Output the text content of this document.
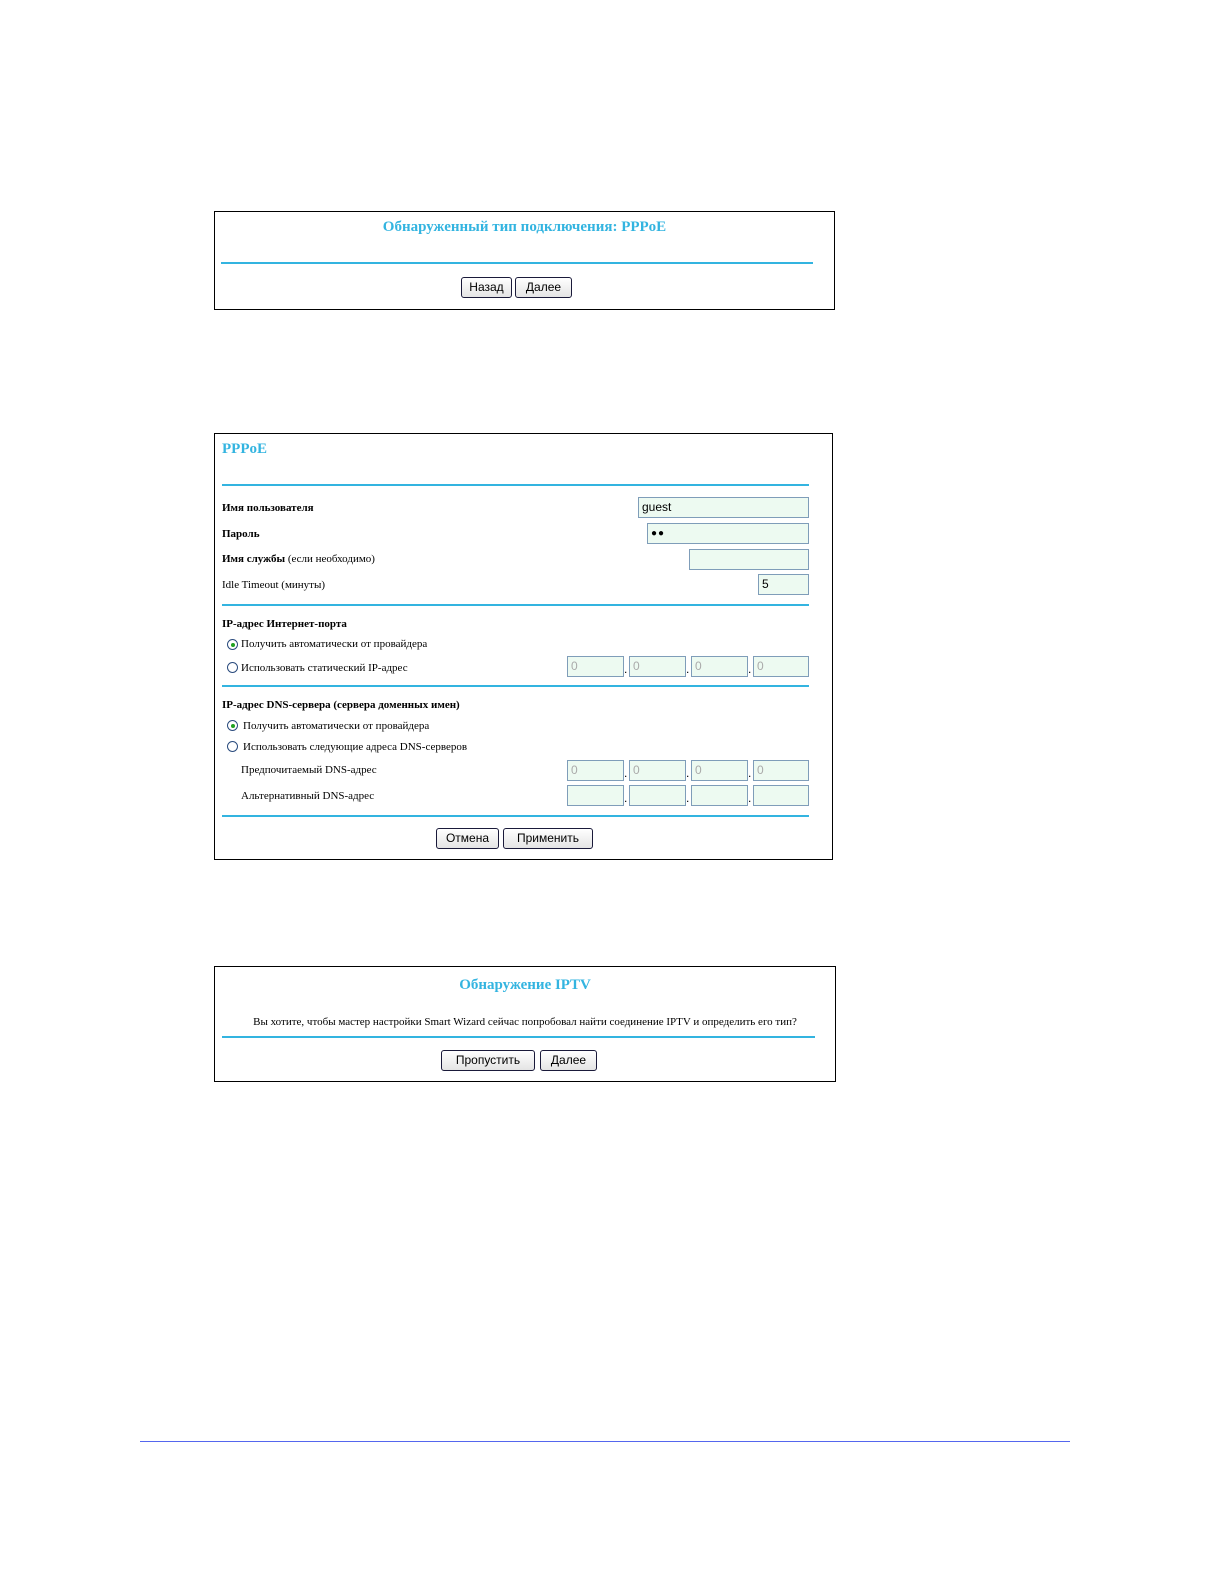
Обнаруженный тип подключения: PPPoE
Назад	Далее
PPPoE
Имя пользователя	guest
Пароль	●●
Имя службы (если необходимо)
Idle Timeout (минуты)	5
IP-адрес Интернет-порта
Получить автоматически от провайдера
Использовать статический IP-адрес	0	. 0	. 0	. 0
IP-адрес DNS-сервера (сервера доменных имен)
Получить автоматически от провайдера
Использовать следующие адреса DNS-серверов
Предпочитаемый DNS-адрес	0	. 0	. 0	. 0
Альтернативный DNS-адрес	.	.	.
Отмена	Применить
Обнаружение IPTV
Вы хотите, чтобы мастер настройки Smart Wizard сейчас попробовал найти соединение IPTV и определить его тип?
Пропустить	Далее
